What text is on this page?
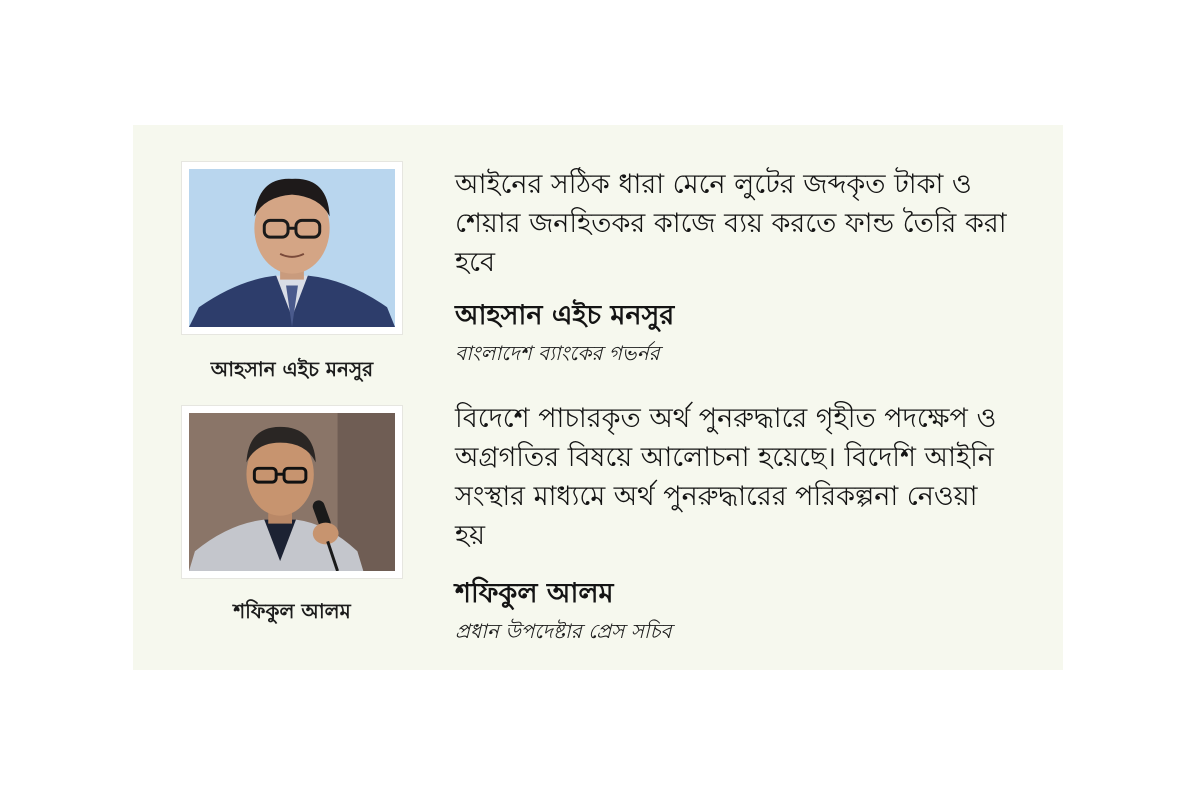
আহসান এইচ মনসুর
আইনের সঠিক ধারা মেনে লুটের জব্দকৃত টাকা ও শেয়ার জনহিতকর কাজে ব্যয় করতে ফান্ড তৈরি করা হবে
আহসান এইচ মনসুর
বাংলাদেশ ব্যাংকের গভর্নর
শফিকুল আলম
বিদেশে পাচারকৃত অর্থ পুনরুদ্ধারে গৃহীত পদক্ষেপ ও অগ্রগতির বিষয়ে আলোচনা হয়েছে। বিদেশি আইনি সংস্থার মাধ্যমে অর্থ পুনরুদ্ধারের পরিকল্পনা নেওয়া হয়
শফিকুল আলম
প্রধান উপদেষ্টার প্রেস সচিব
